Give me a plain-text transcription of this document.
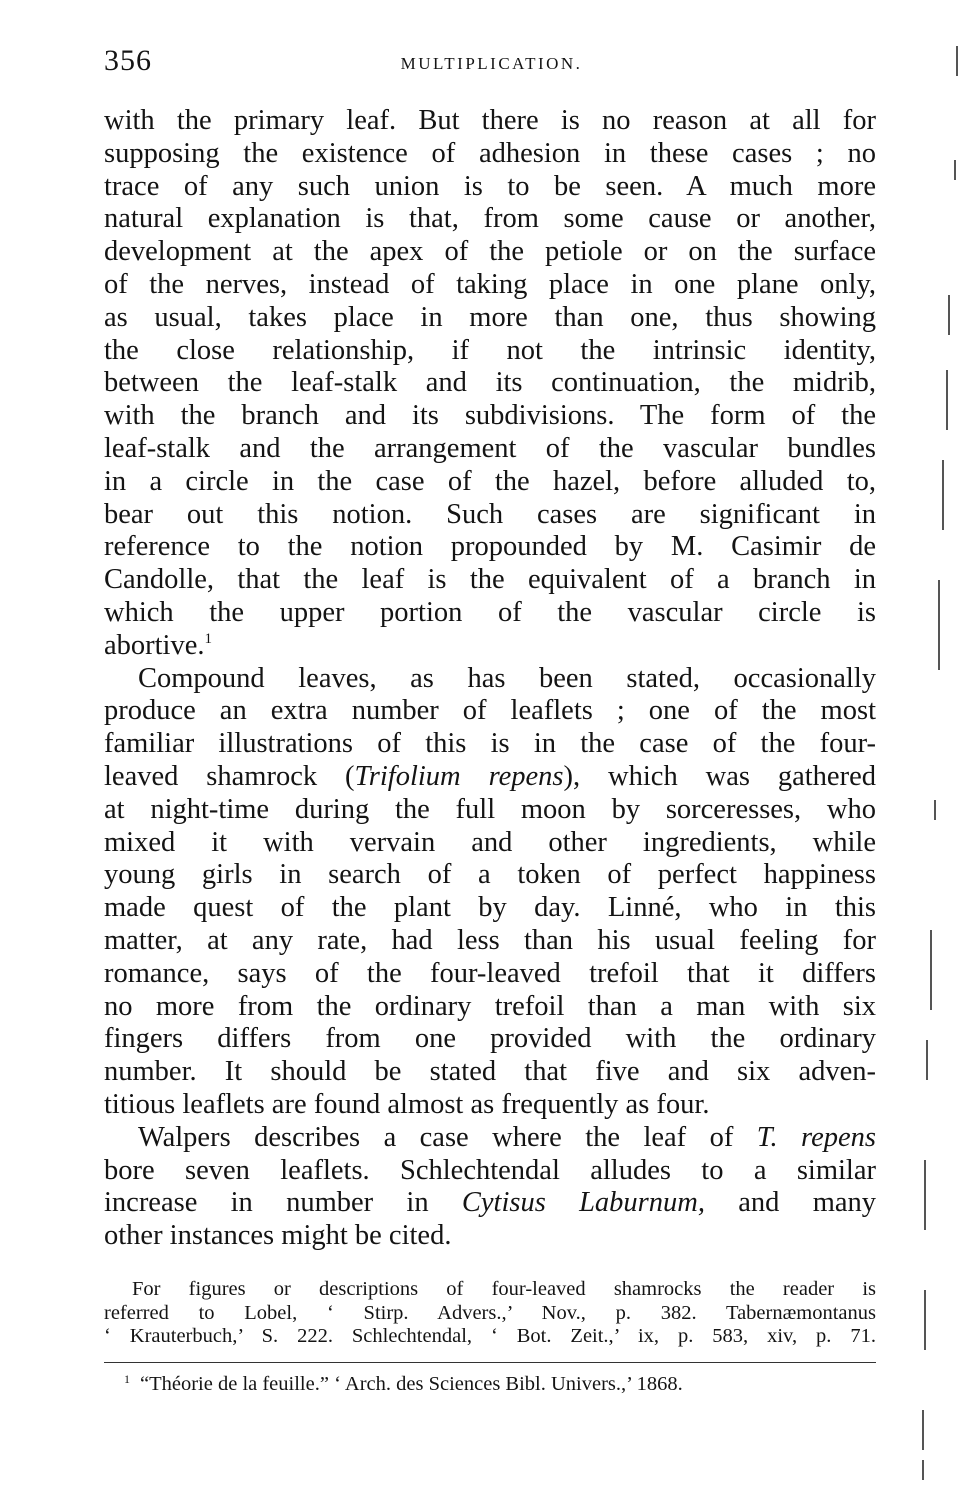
356	MULTIPLICATION.
with the primary leaf. But there is no reason at all for
supposing the existence of adhesion in these cases ; no
trace of any such union is to be seen. A much more
natural explanation is that, from some cause or another,
development at the apex of the petiole or on the surface
of the nerves, instead of taking place in one plane only,
as usual, takes place in more than one, thus showing
the close relationship, if not the intrinsic identity,
between the leaf-stalk and its continuation, the midrib,
with the branch and its subdivisions. The form of the
leaf-stalk and the arrangement of the vascular bundles
in a circle in the case of the hazel, before alluded to,
bear out this notion. Such cases are significant in
reference to the notion propounded by M. Casimir de
Candolle, that the leaf is the equivalent of a branch in
which the upper portion of the vascular circle is
abortive.$^1$
Compound leaves, as has been stated, occasionally
produce an extra number of leaflets ; one of the most
familiar illustrations of this is in the case of the four-
leaved shamrock (Trifolium repens), which was gathered
at night-time during the full moon by sorceresses, who
mixed it with vervain and other ingredients, while
young girls in search of a token of perfect happiness
made quest of the plant by day. Linné, who in this
matter, at any rate, had less than his usual feeling for
romance, says of the four-leaved trefoil that it differs
no more from the ordinary trefoil than a man with six
fingers differs from one provided with the ordinary
number. It should be stated that five and six adven-
titious leaflets are found almost as frequently as four.
Walpers describes a case where the leaf of T. repens
bore seven leaflets. Schlechtendal alludes to a similar
increase in number in Cytisus Laburnum, and many
other instances might be cited.
For figures or descriptions of four-leaved shamrocks the reader is
referred to Lobel, ‘ Stirp. Advers.,’ Nov., p. 382. Tabernæmontanus
‘ Krauterbuch,’ S. 222. Schlechtendal, ‘ Bot. Zeit.,’ ix, p. 583, xiv, p. 71.
$^1$ “Théorie de la feuille.” ‘ Arch. des Sciences Bibl. Univers.,’ 1868.
